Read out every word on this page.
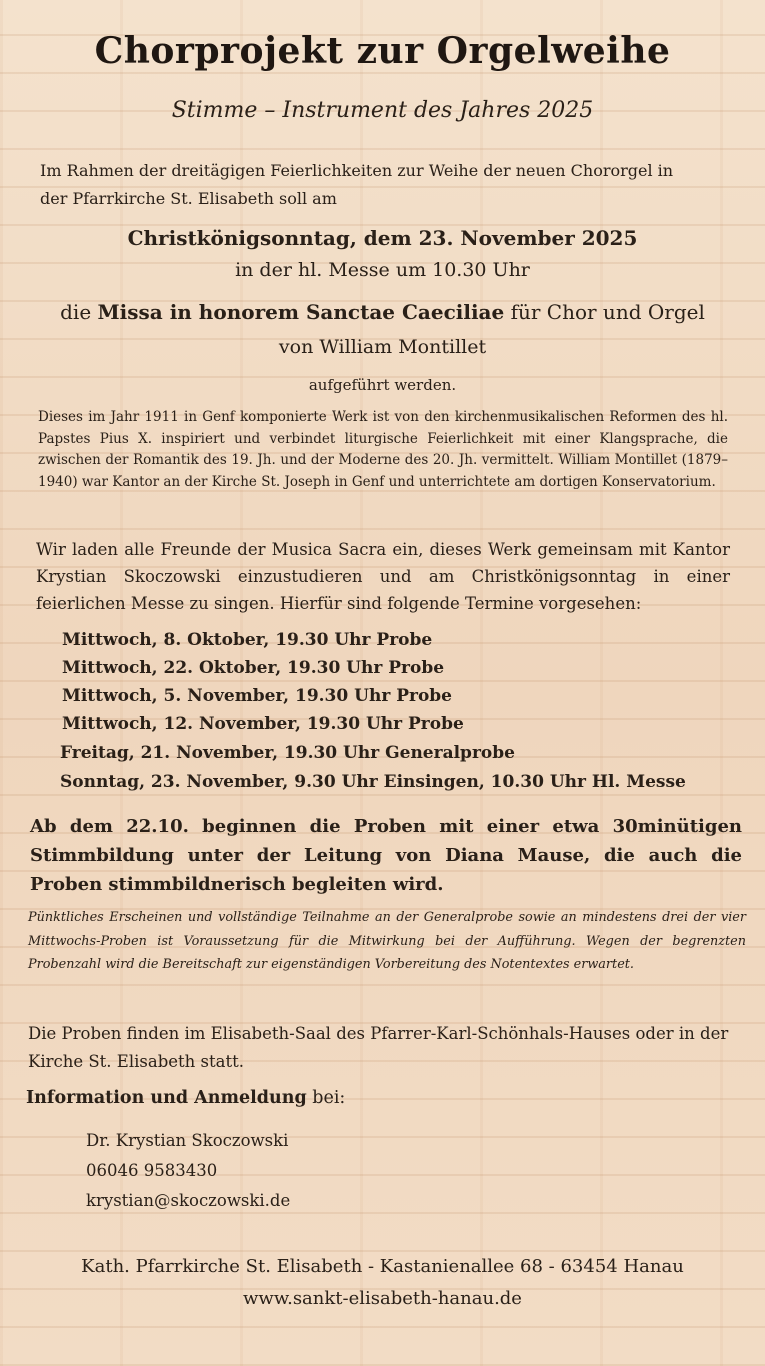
Chorprojekt zur Orgelweihe
Stimme – Instrument des Jahres 2025
Im Rahmen der dreitägigen Feierlichkeiten zur Weihe der neuen Chororgel in
der Pfarrkirche St. Elisabeth soll am
Christkönigsonntag, dem 23. November 2025
in der hl. Messe um 10.30 Uhr
die Missa in honorem Sanctae Caeciliae für Chor und Orgel
von William Montillet
aufgeführt werden.
Dieses im Jahr 1911 in Genf komponierte Werk ist von den kirchenmusikalischen Reformen des hl. Papstes Pius X. inspiriert und verbindet liturgische Feierlichkeit mit einer Klangsprache, die zwischen der Romantik des 19. Jh. und der Moderne des 20. Jh. vermittelt. William Montillet (1879–1940) war Kantor an der Kirche St. Joseph in Genf und unterrichtete am dortigen Konservatorium.
Wir laden alle Freunde der Musica Sacra ein, dieses Werk gemeinsam mit Kantor Krystian Skoczowski einzustudieren und am Christkönigsonntag in einer feierlichen Messe zu singen. Hierfür sind folgende Termine vorgesehen:
Mittwoch, 8. Oktober, 19.30 Uhr Probe
Mittwoch, 22. Oktober, 19.30 Uhr Probe
Mittwoch, 5. November, 19.30 Uhr Probe
Mittwoch, 12. November, 19.30 Uhr Probe
Freitag, 21. November, 19.30 Uhr Generalprobe
Sonntag, 23. November, 9.30 Uhr Einsingen, 10.30 Uhr Hl. Messe
Ab dem 22.10. beginnen die Proben mit einer etwa 30minütigen Stimmbildung unter der Leitung von Diana Mause, die auch die Proben stimmbildnerisch begleiten wird.
Pünktliches Erscheinen und vollständige Teilnahme an der Generalprobe sowie an mindestens drei der vier Mittwochs-Proben ist Voraussetzung für die Mitwirkung bei der Aufführung. Wegen der begrenzten Probenzahl wird die Bereitschaft zur eigenständigen Vorbereitung des Notentextes erwartet.
Die Proben finden im Elisabeth-Saal des Pfarrer-Karl-Schönhals-Hauses oder in der Kirche St. Elisabeth statt.
Information und Anmeldung bei:
Dr. Krystian Skoczowski
06046 9583430
krystian@skoczowski.de
Kath. Pfarrkirche St. Elisabeth - Kastanienallee 68 - 63454 Hanau
www.sankt-elisabeth-hanau.de
